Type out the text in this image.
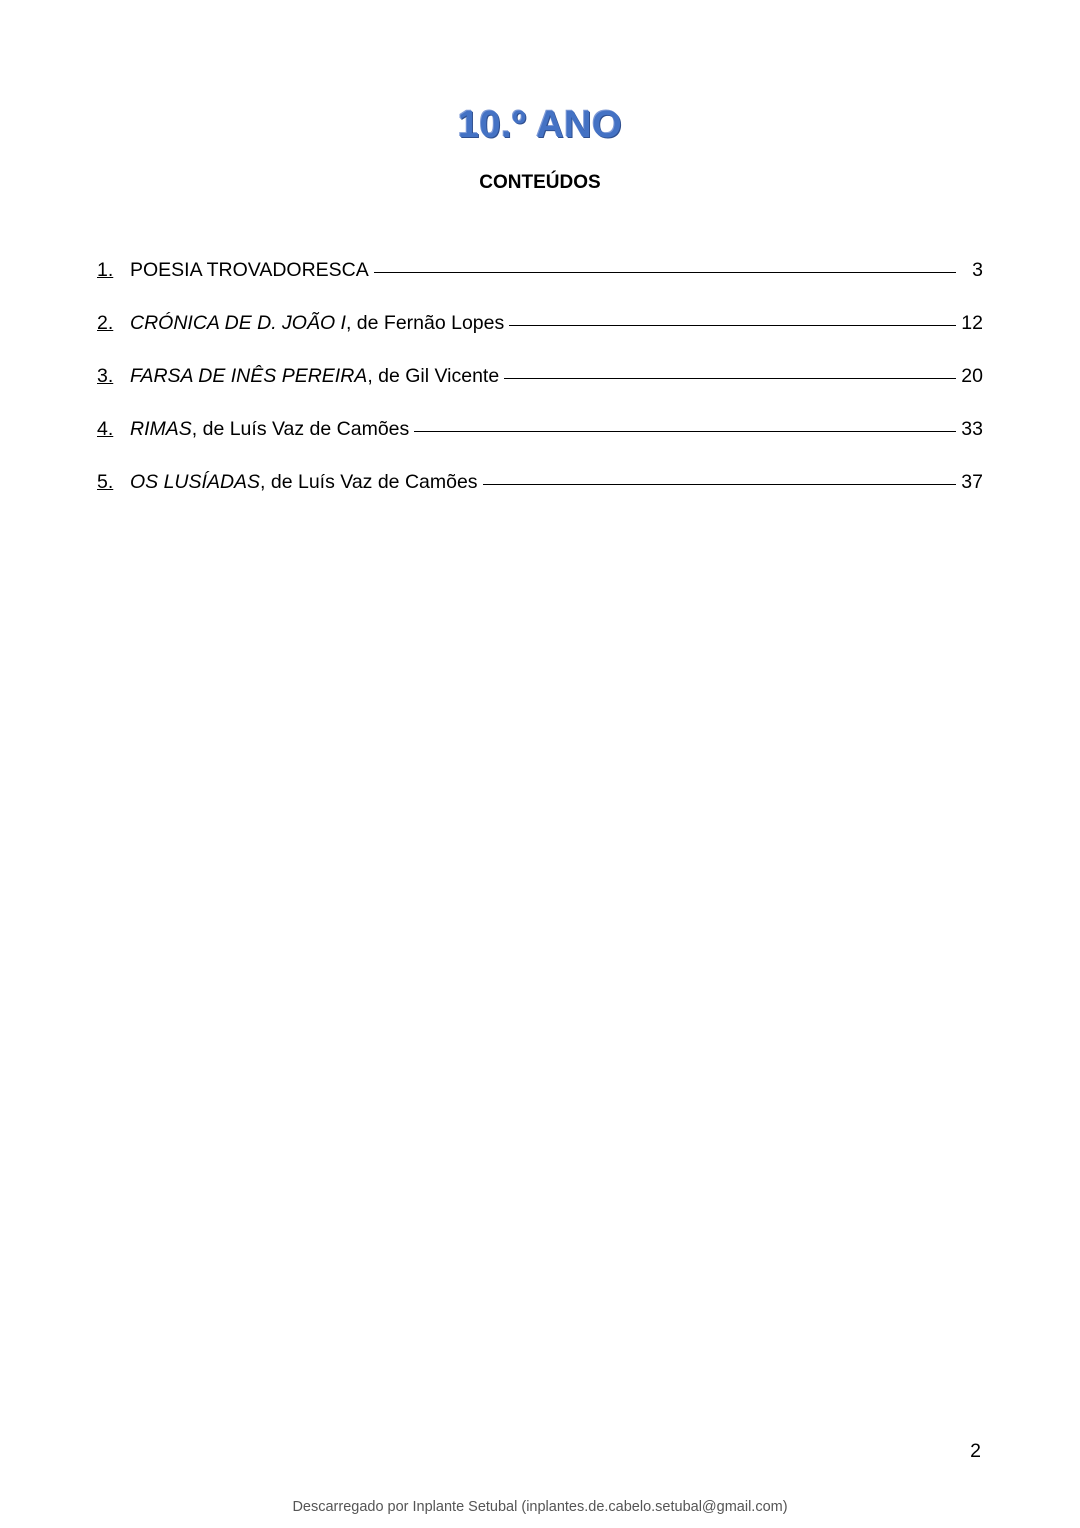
10.º ANO
CONTEÚDOS
1. POESIA TROVADORESCA	3
2. CRÓNICA DE D. JOÃO I, de Fernão Lopes	12
3. FARSA DE INÊS PEREIRA, de Gil Vicente	20
4. RIMAS, de Luís Vaz de Camões	33
5. OS LUSÍADAS, de Luís Vaz de Camões	37
2
Descarregado por Inplante Setubal (inplantes.de.cabelo.setubal@gmail.com)
